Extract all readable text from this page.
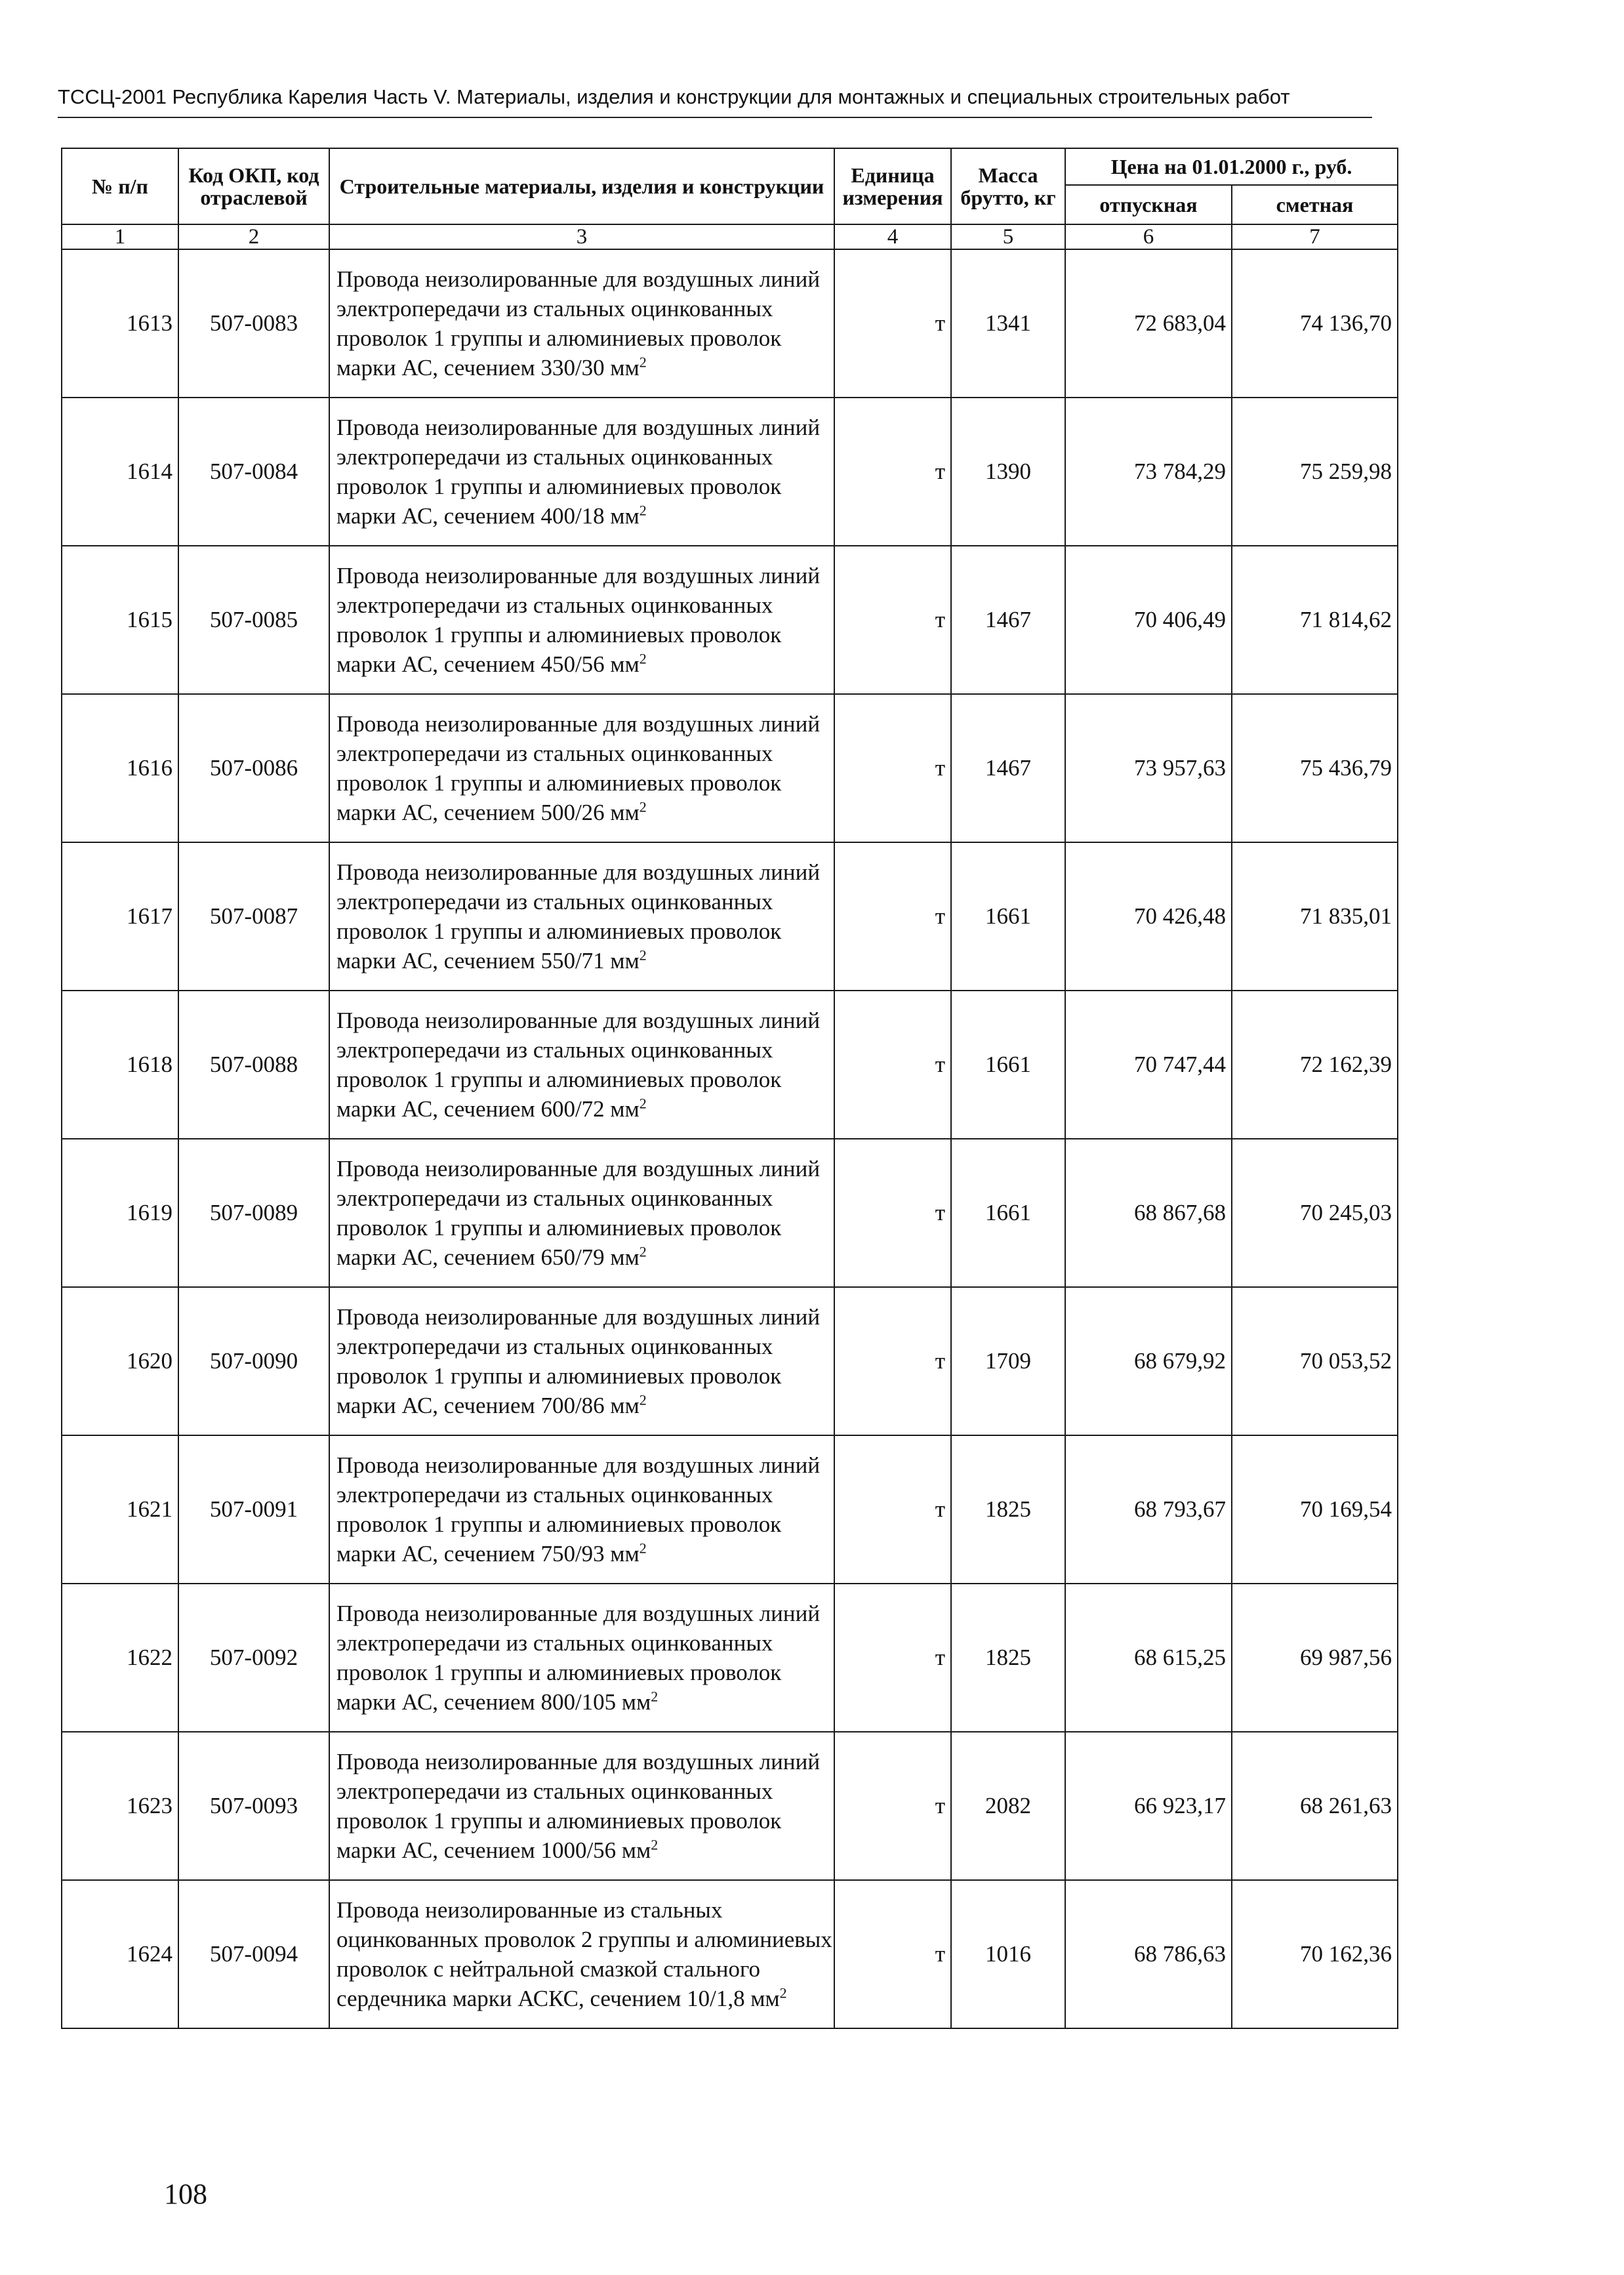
ТССЦ-2001 Республика Карелия Часть V. Материалы, изделия и конструкции для монтажных и специальных строительных работ
№ п/п	Код ОКП, код отраслевой	Строительные материалы, изделия и конструкции	Единица измерения	Масса брутто, кг	Цена на 01.01.2000 г., руб.	
					отпускная	сметная
1	2	3	4	5	6	7
1613	507-0083	Провода неизолированные для воздушных линий электропередачи из стальных оцинкованных проволок 1 группы и алюминиевых проволок марки АС, сечением 330/30 $мм^2$	т	1341	72 683,04	74 136,70
1614	507-0084	Провода неизолированные для воздушных линий электропередачи из стальных оцинкованных проволок 1 группы и алюминиевых проволок марки АС, сечением 400/18 $мм^2$	т	1390	73 784,29	75 259,98
1615	507-0085	Провода неизолированные для воздушных линий электропередачи из стальных оцинкованных проволок 1 группы и алюминиевых проволок марки АС, сечением 450/56 $мм^2$	т	1467	70 406,49	71 814,62
1616	507-0086	Провода неизолированные для воздушных линий электропередачи из стальных оцинкованных проволок 1 группы и алюминиевых проволок марки АС, сечением 500/26 $мм^2$	т	1467	73 957,63	75 436,79
1617	507-0087	Провода неизолированные для воздушных линий электропередачи из стальных оцинкованных проволок 1 группы и алюминиевых проволок марки АС, сечением 550/71 $мм^2$	т	1661	70 426,48	71 835,01
1618	507-0088	Провода неизолированные для воздушных линий электропередачи из стальных оцинкованных проволок 1 группы и алюминиевых проволок марки АС, сечением 600/72 $мм^2$	т	1661	70 747,44	72 162,39
1619	507-0089	Провода неизолированные для воздушных линий электропередачи из стальных оцинкованных проволок 1 группы и алюминиевых проволок марки АС, сечением 650/79 $мм^2$	т	1661	68 867,68	70 245,03
1620	507-0090	Провода неизолированные для воздушных линий электропередачи из стальных оцинкованных проволок 1 группы и алюминиевых проволок марки АС, сечением 700/86 $мм^2$	т	1709	68 679,92	70 053,52
1621	507-0091	Провода неизолированные для воздушных линий электропередачи из стальных оцинкованных проволок 1 группы и алюминиевых проволок марки АС, сечением 750/93 $мм^2$	т	1825	68 793,67	70 169,54
1622	507-0092	Провода неизолированные для воздушных линий электропередачи из стальных оцинкованных проволок 1 группы и алюминиевых проволок марки АС, сечением 800/105 $мм^2$	т	1825	68 615,25	69 987,56
1623	507-0093	Провода неизолированные для воздушных линий электропередачи из стальных оцинкованных проволок 1 группы и алюминиевых проволок марки АС, сечением 1000/56 $мм^2$	т	2082	66 923,17	68 261,63
1624	507-0094	Провода неизолированные из стальных оцинкованных проволок 2 группы и алюминиевых проволок с нейтральной смазкой стального сердечника марки АСКС, сечением 10/1,8 $мм^2$	т	1016	68 786,63	70 162,36
108
